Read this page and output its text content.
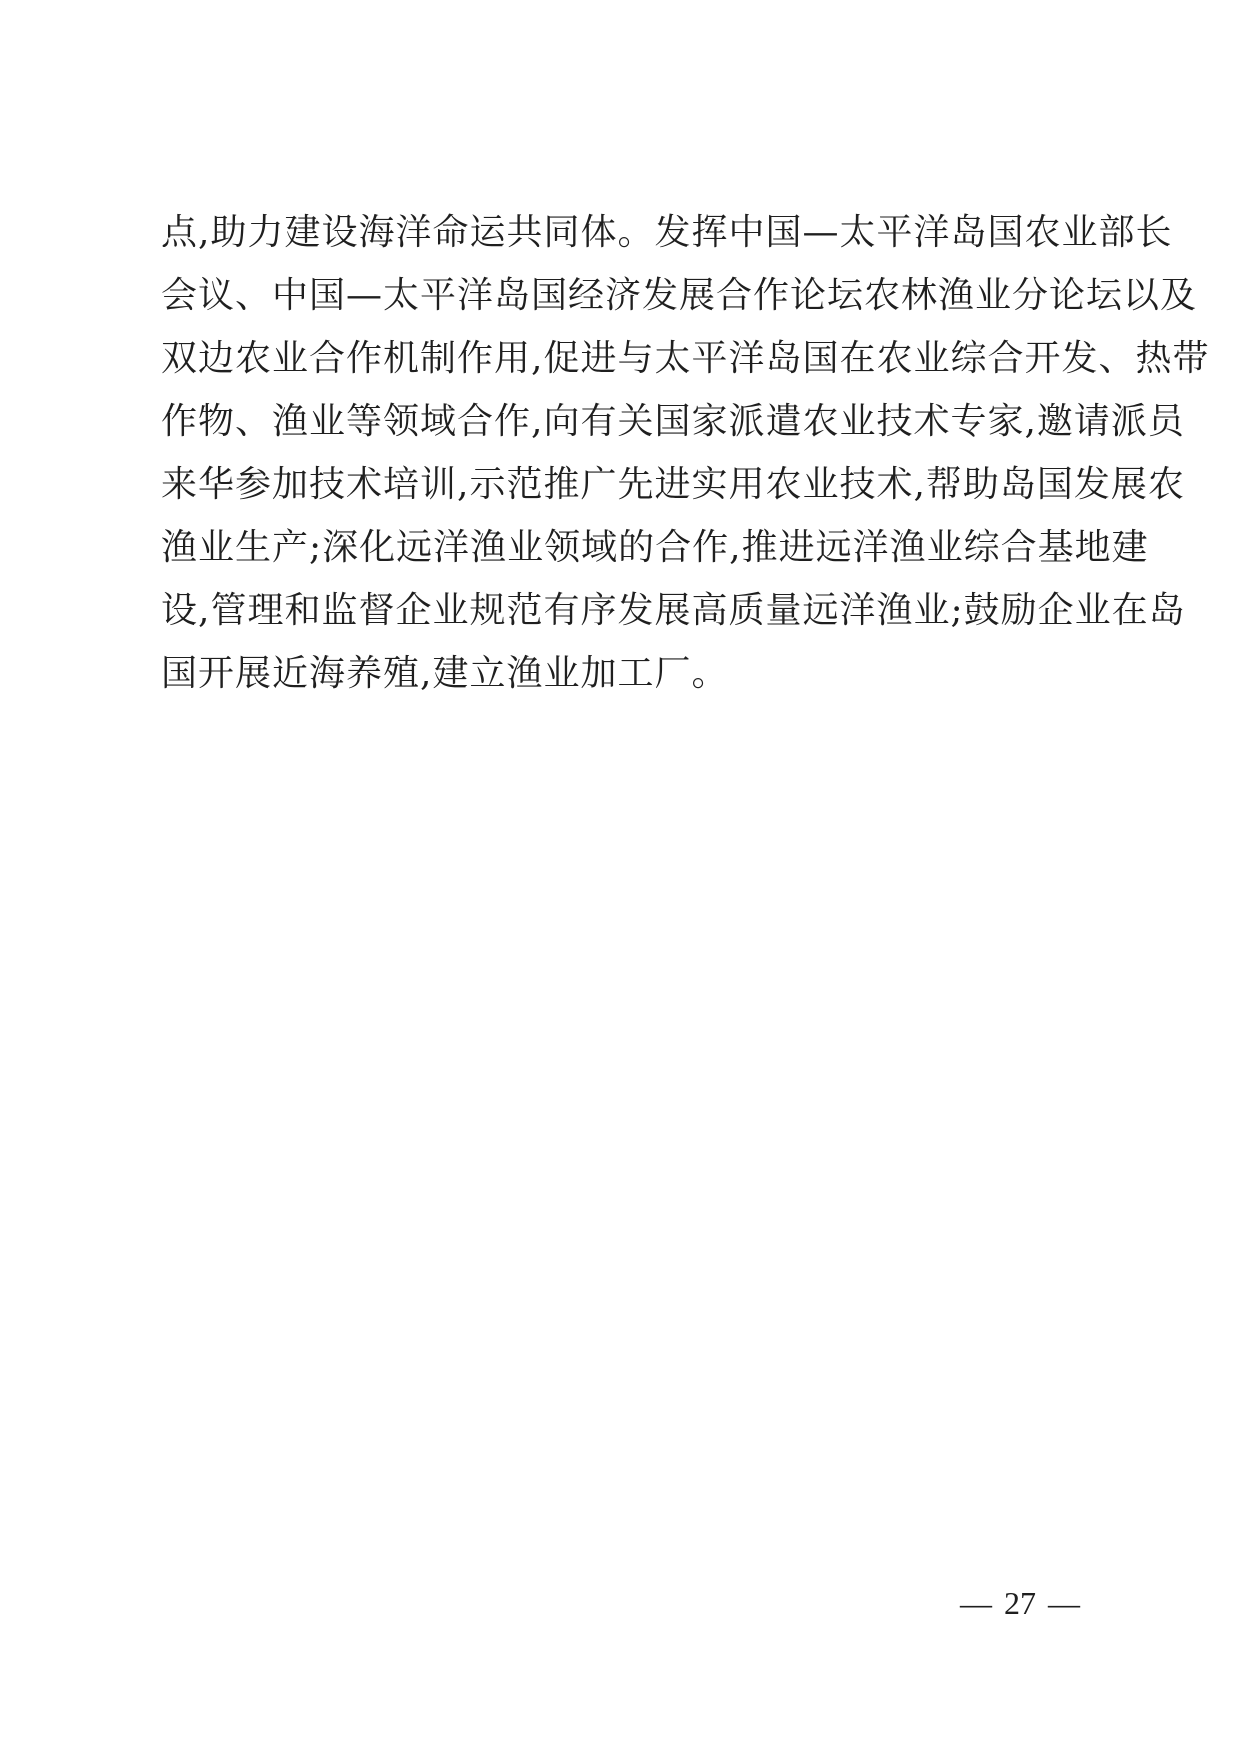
点,助力建设海洋命运共同体。发挥中国—太平洋岛国农业部长
会议、中国—太平洋岛国经济发展合作论坛农林渔业分论坛以及
双边农业合作机制作用,促进与太平洋岛国在农业综合开发、热带
作物、渔业等领域合作,向有关国家派遣农业技术专家,邀请派员
来华参加技术培训,示范推广先进实用农业技术,帮助岛国发展农
渔业生产;深化远洋渔业领域的合作,推进远洋渔业综合基地建
设,管理和监督企业规范有序发展高质量远洋渔业;鼓励企业在岛
国开展近海养殖,建立渔业加工厂。
— 27 —
